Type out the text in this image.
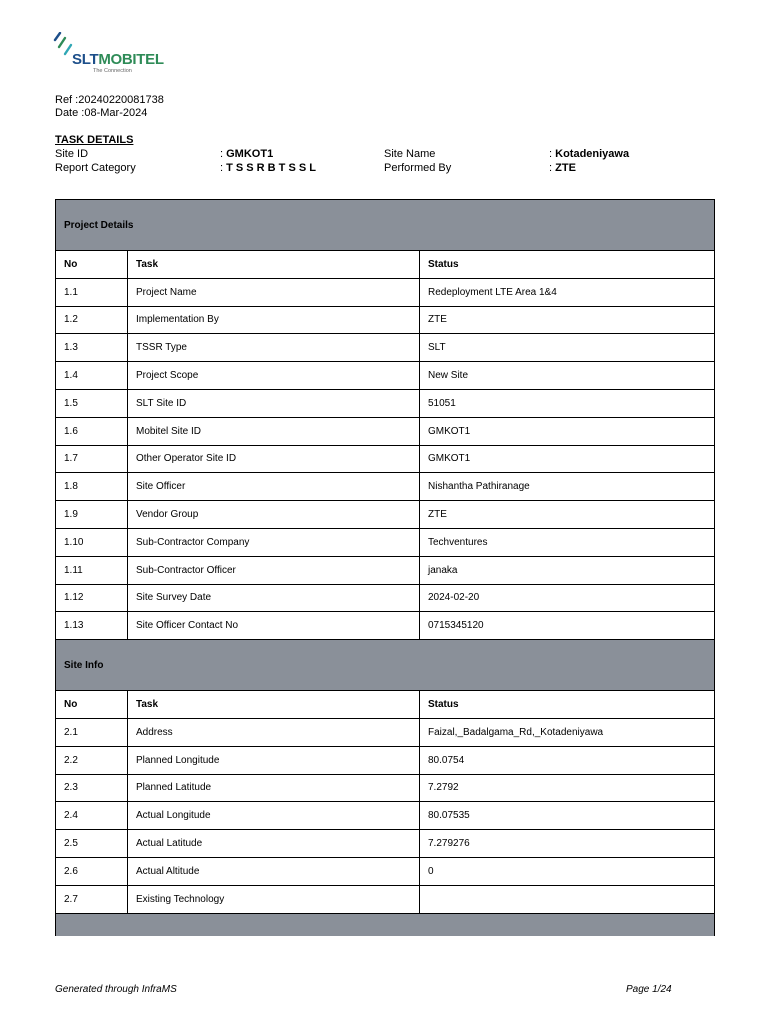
SLTMOBITEL
The Connection
Ref :20240220081738
Date :08-Mar-2024
TASK DETAILS
Site ID	: GMKOT1	Site Name	: Kotadeniyawa
Report Category	: T S S R B T S S L	Performed By	: ZTE
Project Details		
No	Task	Status
1.1	Project Name	Redeployment LTE Area 1&4
1.2	Implementation By	ZTE
1.3	TSSR Type	SLT
1.4	Project Scope	New Site
1.5	SLT Site ID	51051
1.6	Mobitel Site ID	GMKOT1
1.7	Other Operator Site ID	GMKOT1
1.8	Site Officer	Nishantha Pathiranage
1.9	Vendor Group	ZTE
1.10	Sub-Contractor Company	Techventures
1.11	Sub-Contractor Officer	janaka
1.12	Site Survey Date	2024-02-20
1.13	Site Officer Contact No	0715345120
Site Info		
No	Task	Status
2.1	Address	Faizal,_Badalgama_Rd,_Kotadeniyawa
2.2	Planned Longitude	80.0754
2.3	Planned Latitude	7.2792
2.4	Actual Longitude	80.07535
2.5	Actual Latitude	7.279276
2.6	Actual Altitude	0
2.7	Existing Technology	

Generated through InfraMS	Page 1/24
